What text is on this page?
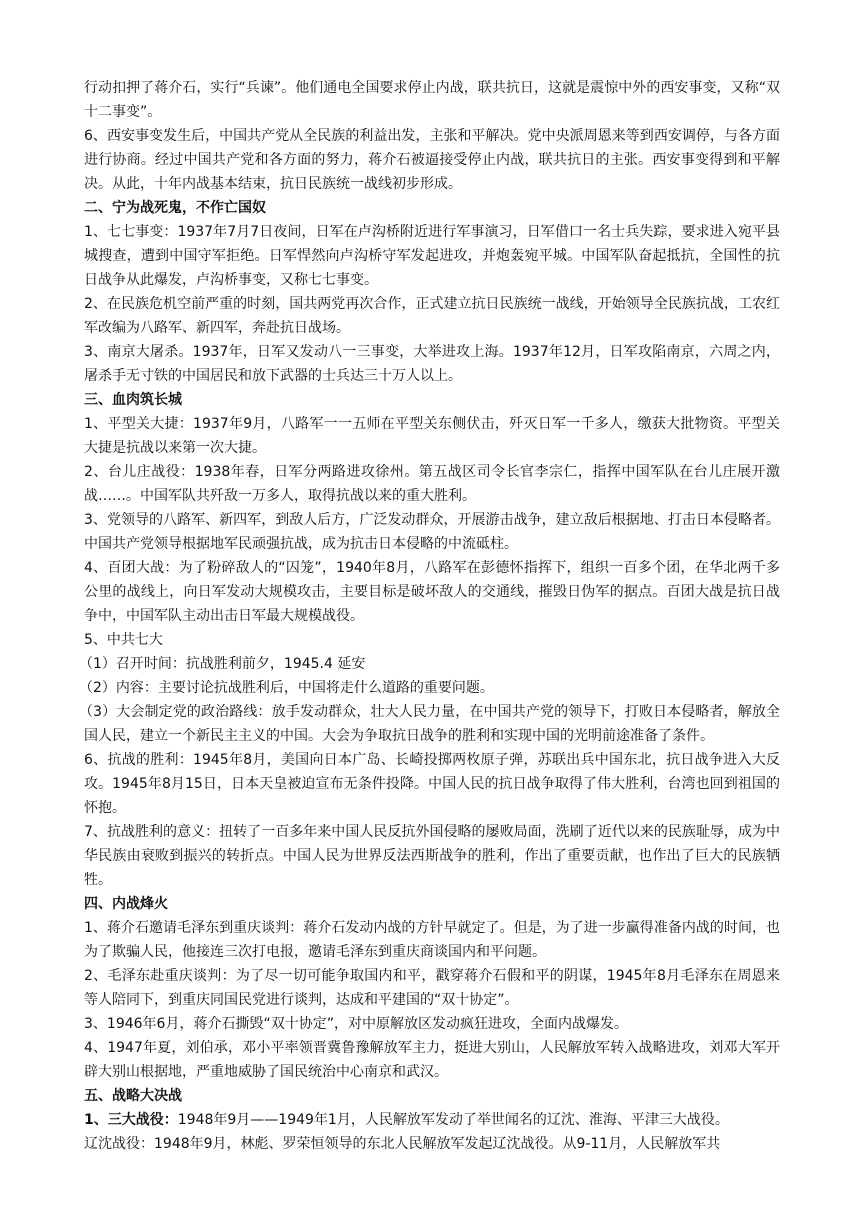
行动扣押了蒋介石，实行“兵谏”。他们通电全国要求停止内战，联共抗日，这就是震惊中外的西安事变，又称“双十二事变”。

6、西安事变发生后，中国共产党从全民族的利益出发，主张和平解决。党中央派周恩来等到西安调停，与各方面进行协商。经过中国共产党和各方面的努力，蒋介石被逼接受停止内战，联共抗日的主张。西安事变得到和平解决。从此，十年内战基本结束，抗日民族统一战线初步形成。

二、宁为战死鬼，不作亡国奴

1、七七事变：1937年7月7日夜间，日军在卢沟桥附近进行军事演习，日军借口一名士兵失踪，要求进入宛平县城搜查，遭到中国守军拒绝。日军悍然向卢沟桥守军发起进攻，并炮轰宛平城。中国军队奋起抵抗，全国性的抗日战争从此爆发，卢沟桥事变，又称七七事变。

2、在民族危机空前严重的时刻，国共两党再次合作，正式建立抗日民族统一战线，开始领导全民族抗战，工农红军改编为八路军、新四军，奔赴抗日战场。

3、南京大屠杀。1937年，日军又发动八一三事变，大举进攻上海。1937年12月，日军攻陷南京，六周之内，屠杀手无寸铁的中国居民和放下武器的士兵达三十万人以上。

三、血肉筑长城

1、平型关大捷：1937年9月，八路军一一五师在平型关东侧伏击，歼灭日军一千多人，缴获大批物资。平型关大捷是抗战以来第一次大捷。

2、台儿庄战役：1938年春，日军分两路进攻徐州。第五战区司令长官李宗仁，指挥中国军队在台儿庄展开激战……。中国军队共歼敌一万多人，取得抗战以来的重大胜利。

3、党领导的八路军、新四军，到敌人后方，广泛发动群众，开展游击战争，建立敌后根据地、打击日本侵略者。中国共产党领导根据地军民顽强抗战，成为抗击日本侵略的中流砥柱。

4、百团大战：为了粉碎敌人的“囚笼”，1940年8月，八路军在彭德怀指挥下，组织一百多个团，在华北两千多公里的战线上，向日军发动大规模攻击，主要目标是破坏敌人的交通线，摧毁日伪军的据点。百团大战是抗日战争中，中国军队主动出击日军最大规模战役。

5、中共七大

（1）召开时间：抗战胜利前夕，1945.4 延安

（2）内容：主要讨论抗战胜利后，中国将走什么道路的重要问题。

（3）大会制定党的政治路线：放手发动群众，壮大人民力量，在中国共产党的领导下，打败日本侵略者，解放全国人民，建立一个新民主主义的中国。大会为争取抗日战争的胜利和实现中国的光明前途准备了条件。

6、抗战的胜利：1945年8月，美国向日本广岛、长崎投掷两枚原子弹，苏联出兵中国东北，抗日战争进入大反攻。1945年8月15日，日本天皇被迫宣布无条件投降。中国人民的抗日战争取得了伟大胜利，台湾也回到祖国的怀抱。

7、抗战胜利的意义：扭转了一百多年来中国人民反抗外国侵略的屡败局面，洗刷了近代以来的民族耻辱，成为中华民族由衰败到振兴的转折点。中国人民为世界反法西斯战争的胜利，作出了重要贡献，也作出了巨大的民族牺牲。

四、内战烽火

1、蒋介石邀请毛泽东到重庆谈判：蒋介石发动内战的方针早就定了。但是，为了进一步赢得准备内战的时间，也为了欺骗人民，他接连三次打电报，邀请毛泽东到重庆商谈国内和平问题。

2、毛泽东赴重庆谈判：为了尽一切可能争取国内和平，戳穿蒋介石假和平的阴谋，1945年8月毛泽东在周恩来等人陪同下，到重庆同国民党进行谈判，达成和平建国的“双十协定”。

3、1946年6月，蒋介石撕毁“双十协定”，对中原解放区发动疯狂进攻，全面内战爆发。

4、1947年夏，刘伯承，邓小平率领晋冀鲁豫解放军主力，挺进大别山，人民解放军转入战略进攻，刘邓大军开辟大别山根据地，严重地威胁了国民统治中心南京和武汉。

五、战略大决战

1、三大战役：1948年9月——1949年1月，人民解放军发动了举世闻名的辽沈、淮海、平津三大战役。

辽沈战役：1948年9月，林彪、罗荣恒领导的东北人民解放军发起辽沈战役。从9-11月，人民解放军共
